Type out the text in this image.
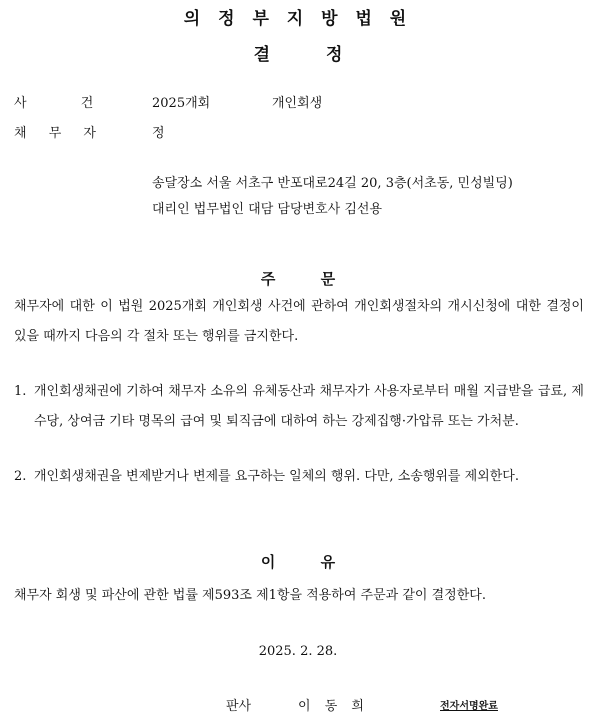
의 정 부 지 방 법 원
결 정
사 건	2025개회	개인회생
채 무 자	정
송달장소 서울 서초구 반포대로24길 20, 3층(서초동, 민성빌딩)
대리인 법무법인 대담 담당변호사 김선용
주 문
채무자에 대한 이 법원 2025개회 개인회생 사건에 관하여 개인회생절차의 개시신청에 대한 결정이 있을 때까지 다음의 각 절차 또는 행위를 금지한다.
1. 개인회생채권에 기하여 채무자 소유의 유체동산과 채무자가 사용자로부터 매월 지급받을 급료, 제수당, 상여금 기타 명목의 급여 및 퇴직금에 대하여 하는 강제집행·가압류 또는 가처분.
2. 개인회생채권을 변제받거나 변제를 요구하는 일체의 행위. 다만, 소송행위를 제외한다.
이 유
채무자 회생 및 파산에 관한 법률 제593조 제1항을 적용하여 주문과 같이 결정한다.
2025. 2. 28.
판사	이 동 희	전자서명완료
